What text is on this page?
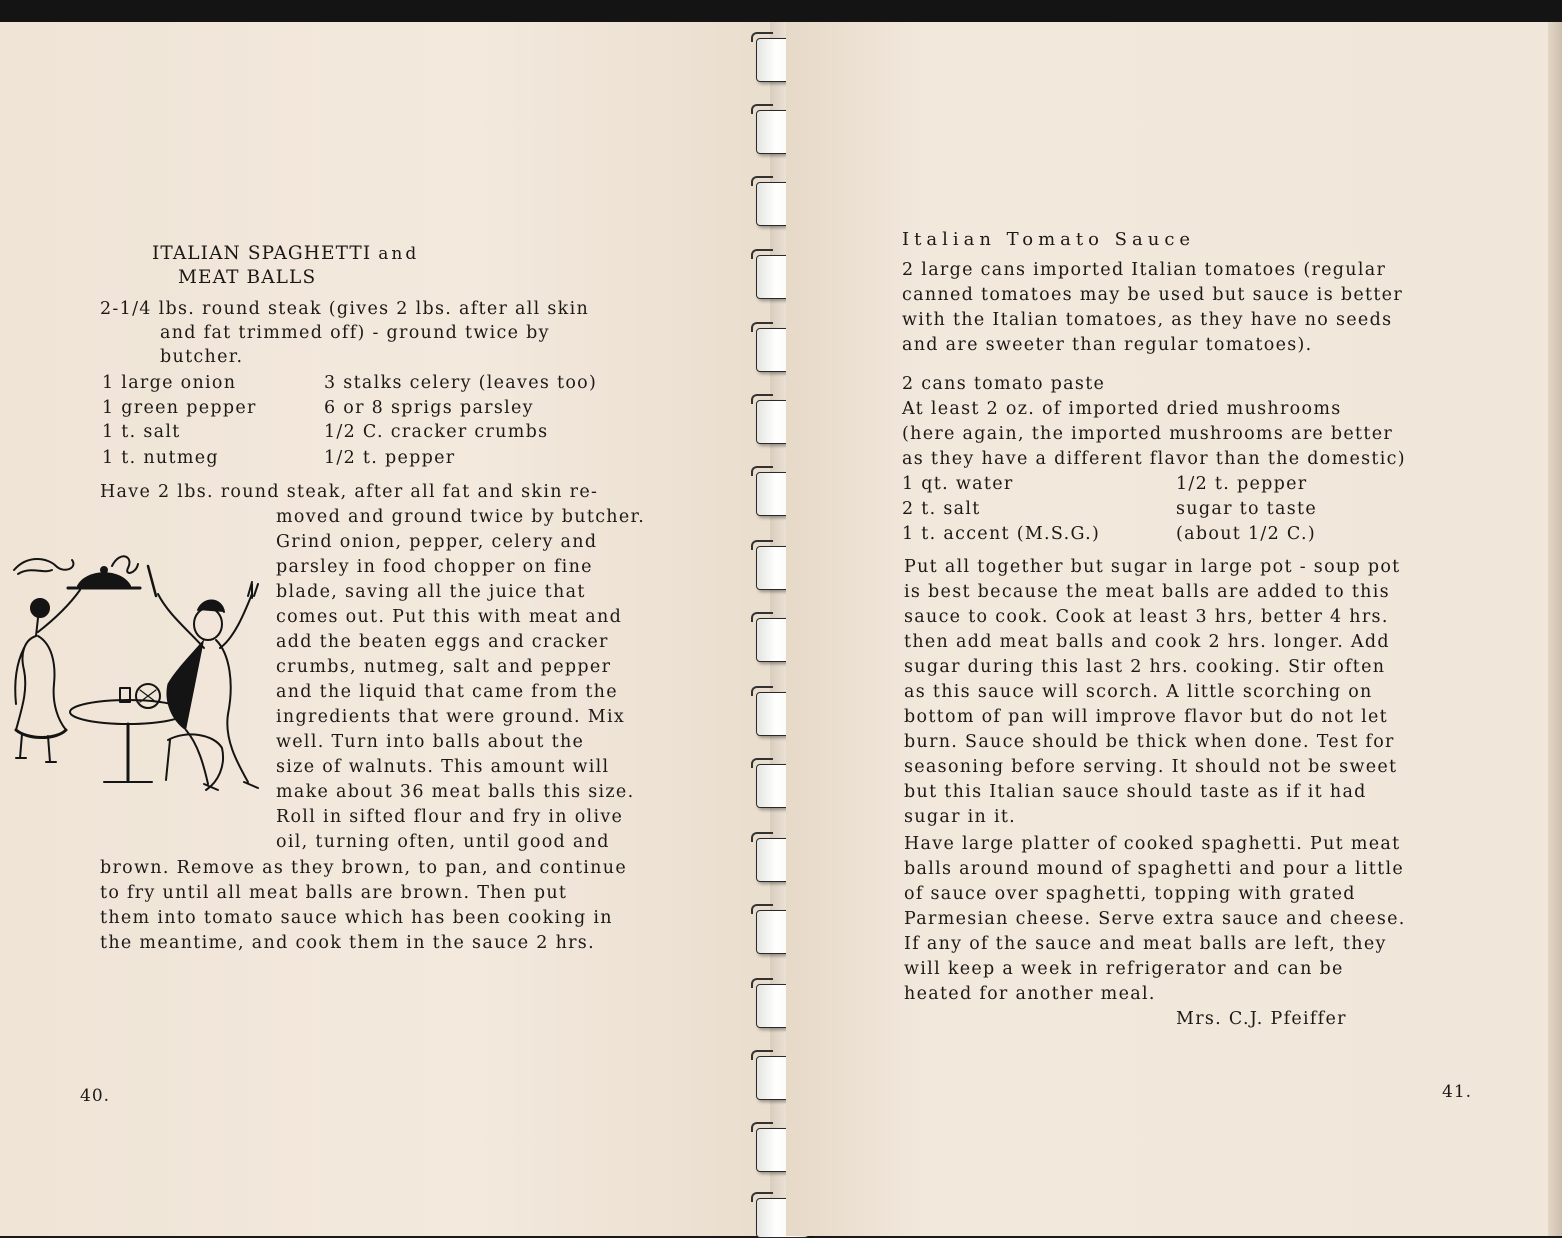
ITALIAN SPAGHETTI and
MEAT BALLS
2-1/4 lbs. round steak (gives 2 lbs. after all skin
and fat trimmed off) - ground twice by
butcher.
1 large onion
1 green pepper
1 t. salt
1 t. nutmeg
3 stalks celery (leaves too)
6 or 8 sprigs parsley
1/2 C. cracker crumbs
1/2 t. pepper
Have 2 lbs. round steak, after all fat and skin re-
moved and ground twice by butcher.
Grind onion, pepper, celery and
parsley in food chopper on fine
blade, saving all the juice that
comes out. Put this with meat and
add the beaten eggs and cracker
crumbs, nutmeg, salt and pepper
and the liquid that came from the
ingredients that were ground. Mix
well. Turn into balls about the
size of walnuts. This amount will
make about 36 meat balls this size.
Roll in sifted flour and fry in olive
oil, turning often, until good and
brown. Remove as they brown, to pan, and continue
to fry until all meat balls are brown. Then put
them into tomato sauce which has been cooking in
the meantime, and cook them in the sauce 2 hrs.
40.
Italian Tomato Sauce
2 large cans imported Italian tomatoes (regular
canned tomatoes may be used but sauce is better
with the Italian tomatoes, as they have no seeds
and are sweeter than regular tomatoes).
2 cans tomato paste
At least 2 oz. of imported dried mushrooms
(here again, the imported mushrooms are better
as they have a different flavor than the domestic)
1 qt. water
2 t. salt
1 t. accent (M.S.G.)
1/2 t. pepper
sugar to taste
(about 1/2 C.)
Put all together but sugar in large pot - soup pot
is best because the meat balls are added to this
sauce to cook. Cook at least 3 hrs, better 4 hrs.
then add meat balls and cook 2 hrs. longer. Add
sugar during this last 2 hrs. cooking. Stir often
as this sauce will scorch. A little scorching on
bottom of pan will improve flavor but do not let
burn. Sauce should be thick when done. Test for
seasoning before serving. It should not be sweet
but this Italian sauce should taste as if it had
sugar in it.
Have large platter of cooked spaghetti. Put meat
balls around mound of spaghetti and pour a little
of sauce over spaghetti, topping with grated
Parmesian cheese. Serve extra sauce and cheese.
If any of the sauce and meat balls are left, they
will keep a week in refrigerator and can be
heated for another meal.
Mrs. C.J. Pfeiffer
41.
